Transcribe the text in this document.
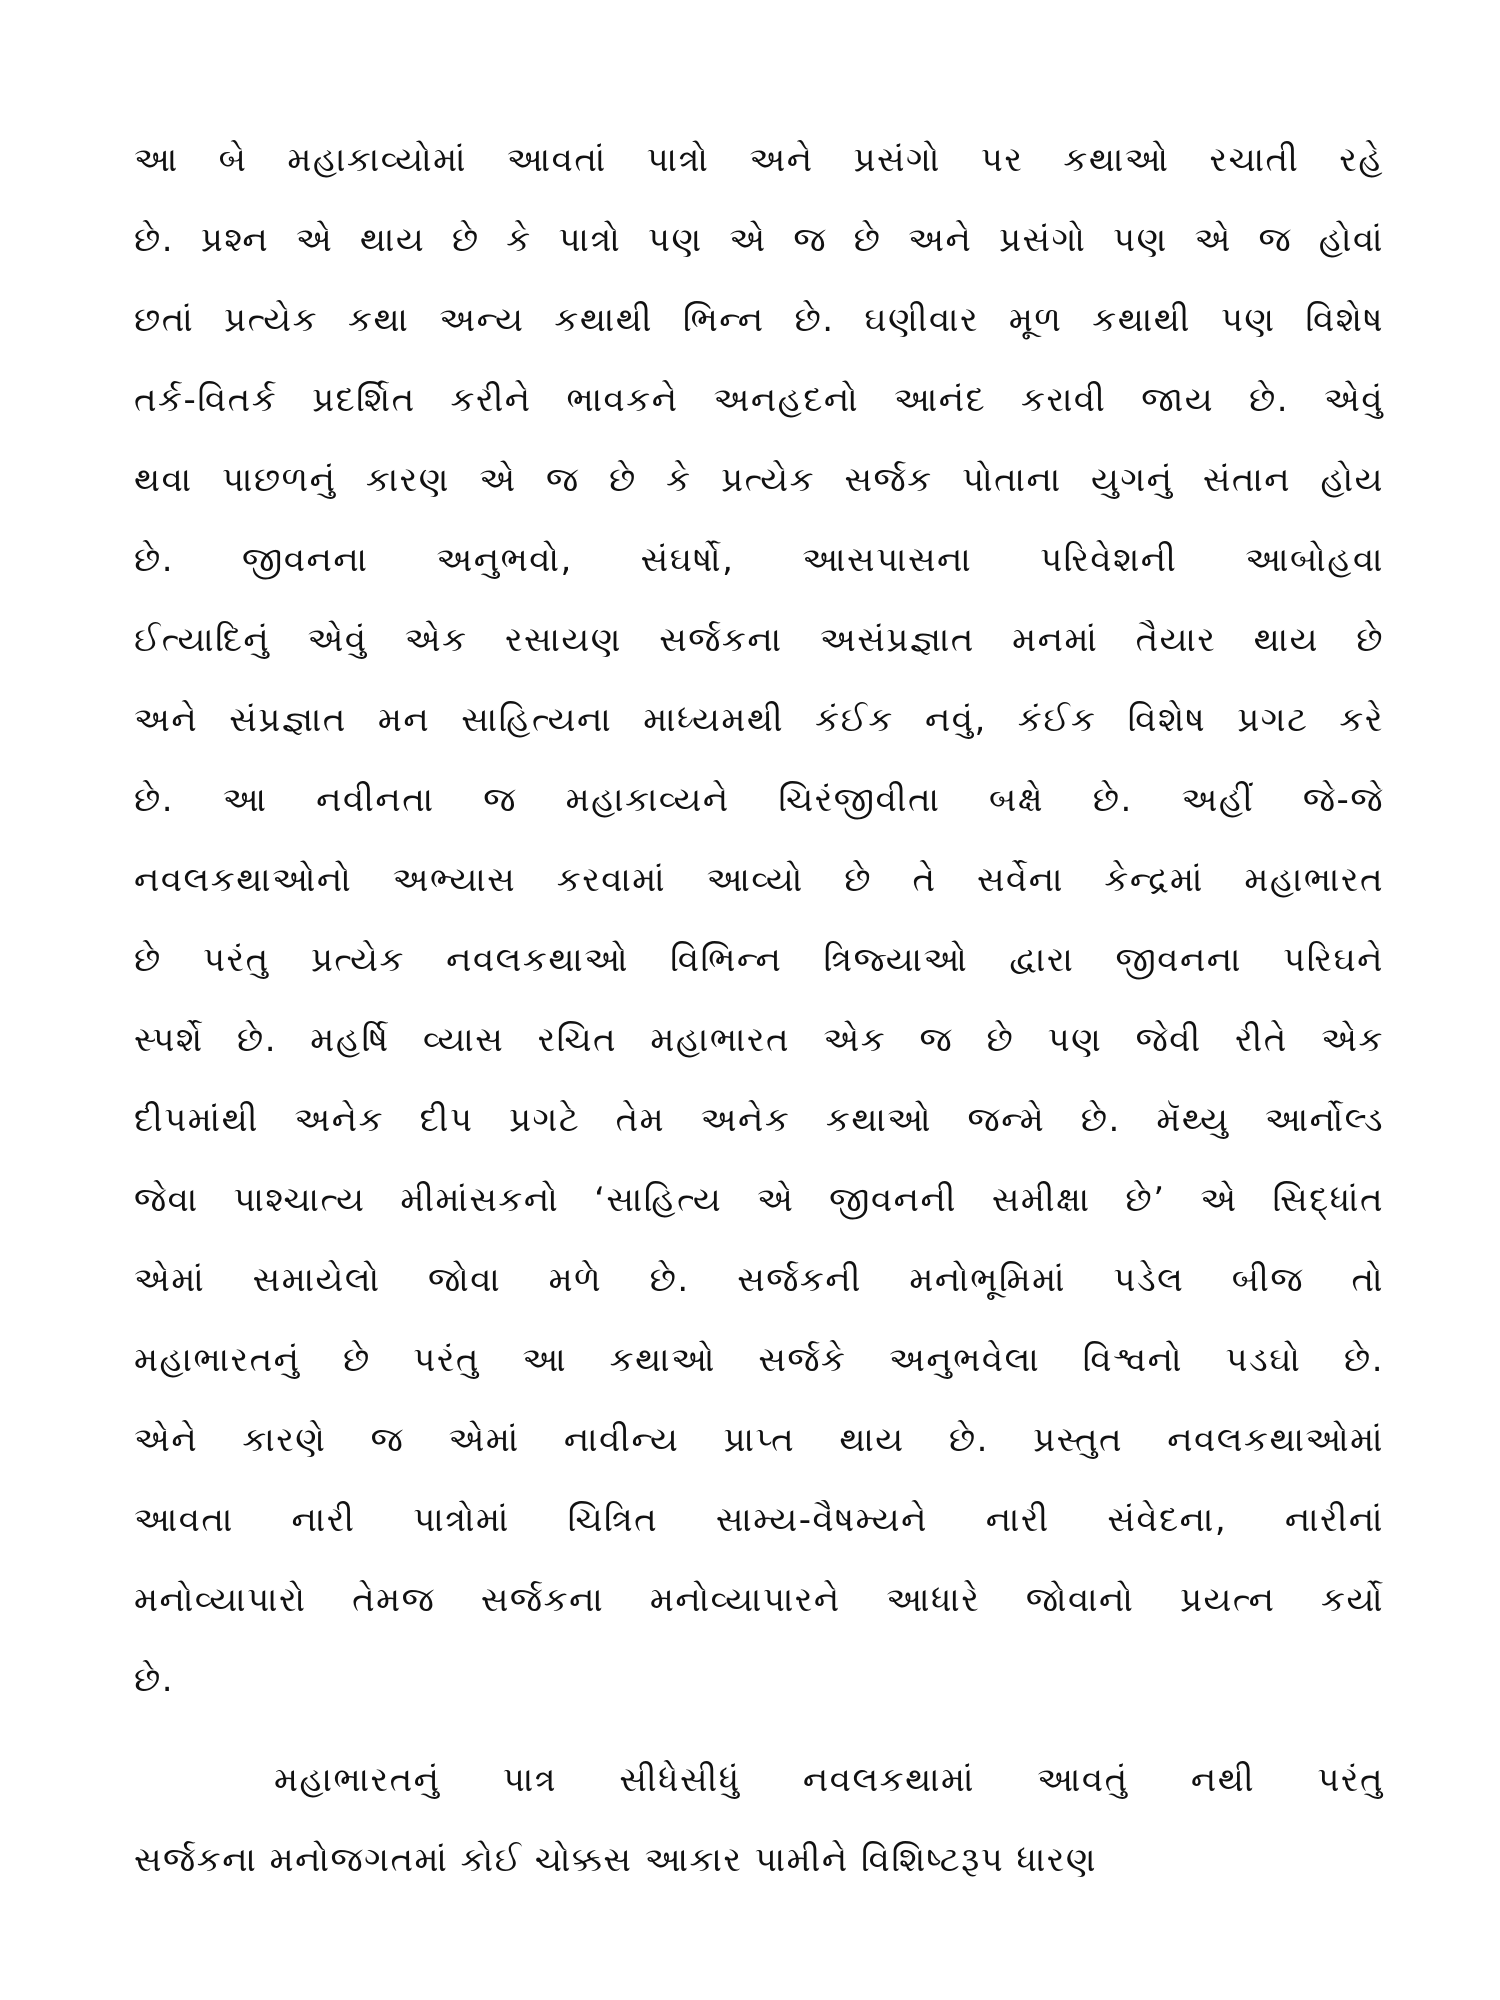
આ બે મહાકાવ્યોમાં આવતાં પાત્રો અને પ્રસંગો પર કથાઓ રચાતી રહે
છે. પ્રશ્ન એ થાય છે કે પાત્રો પણ એ જ છે અને પ્રસંગો પણ એ જ હોવાં
છતાં પ્રત્યેક કથા અન્ય કથાથી ભિન્ન છે. ઘણીવાર મૂળ કથાથી પણ વિશેષ
તર્ક-વિતર્ક પ્રદર્શિત કરીને ભાવકને અનહદનો આનંદ કરાવી જાય છે. એવું
થવા પાછળનું કારણ એ જ છે કે પ્રત્યેક સર્જક પોતાના યુગનું સંતાન હોય
છે. જીવનના અનુભવો, સંઘર્ષો, આસપાસના પરિવેશની આબોહવા
ઈત્યાદિનું એવું એક રસાયણ સર્જકના અસંપ્રજ્ઞાત મનમાં તૈયાર થાય છે
અને સંપ્રજ્ઞાત મન સાહિત્યના માધ્યમથી કંઈક નવું, કંઈક વિશેષ પ્રગટ કરે
છે. આ નવીનતા જ મહાકાવ્યને ચિરંજીવીતા બક્ષે છે. અહીં જે-જે
નવલકથાઓનો અભ્યાસ કરવામાં આવ્યો છે તે સર્વેના કેન્દ્રમાં મહાભારત
છે પરંતુ પ્રત્યેક નવલકથાઓ વિભિન્ન ત્રિજ્યાઓ દ્વારા જીવનના પરિઘને
સ્પર્શે છે. મહર્ષિ વ્યાસ રચિત મહાભારત એક જ છે પણ જેવી રીતે એક
દીપમાંથી અનેક દીપ પ્રગટે તેમ અનેક કથાઓ જન્મે છે. મૅથ્યુ આર્નોલ્ડ
જેવા પાશ્ચાત્ય મીમાંસકનો ‘સાહિત્ય એ જીવનની સમીક્ષા છે’ એ સિદ્ધાંત
એમાં સમાયેલો જોવા મળે છે. સર્જકની મનોભૂમિમાં પડેલ બીજ તો
મહાભારતનું છે પરંતુ આ કથાઓ સર્જકે અનુભવેલા વિશ્વનો પડઘો છે.
એને કારણે જ એમાં નાવીન્ય પ્રાપ્ત થાય છે. પ્રસ્તુત નવલકથાઓમાં
આવતા નારી પાત્રોમાં ચિત્રિત સામ્ય-વૈષમ્યને નારી સંવેદના, નારીનાં
મનોવ્યાપારો તેમજ સર્જકના મનોવ્યાપારને આધારે જોવાનો પ્રયત્ન કર્યો
છે.
મહાભારતનું પાત્ર સીધેસીધું નવલકથામાં આવતું નથી પરંતુ
સર્જકના મનોજગતમાં કોઈ ચોક્કસ આકાર પામીને વિશિષ્ટરૂપ ધારણ
